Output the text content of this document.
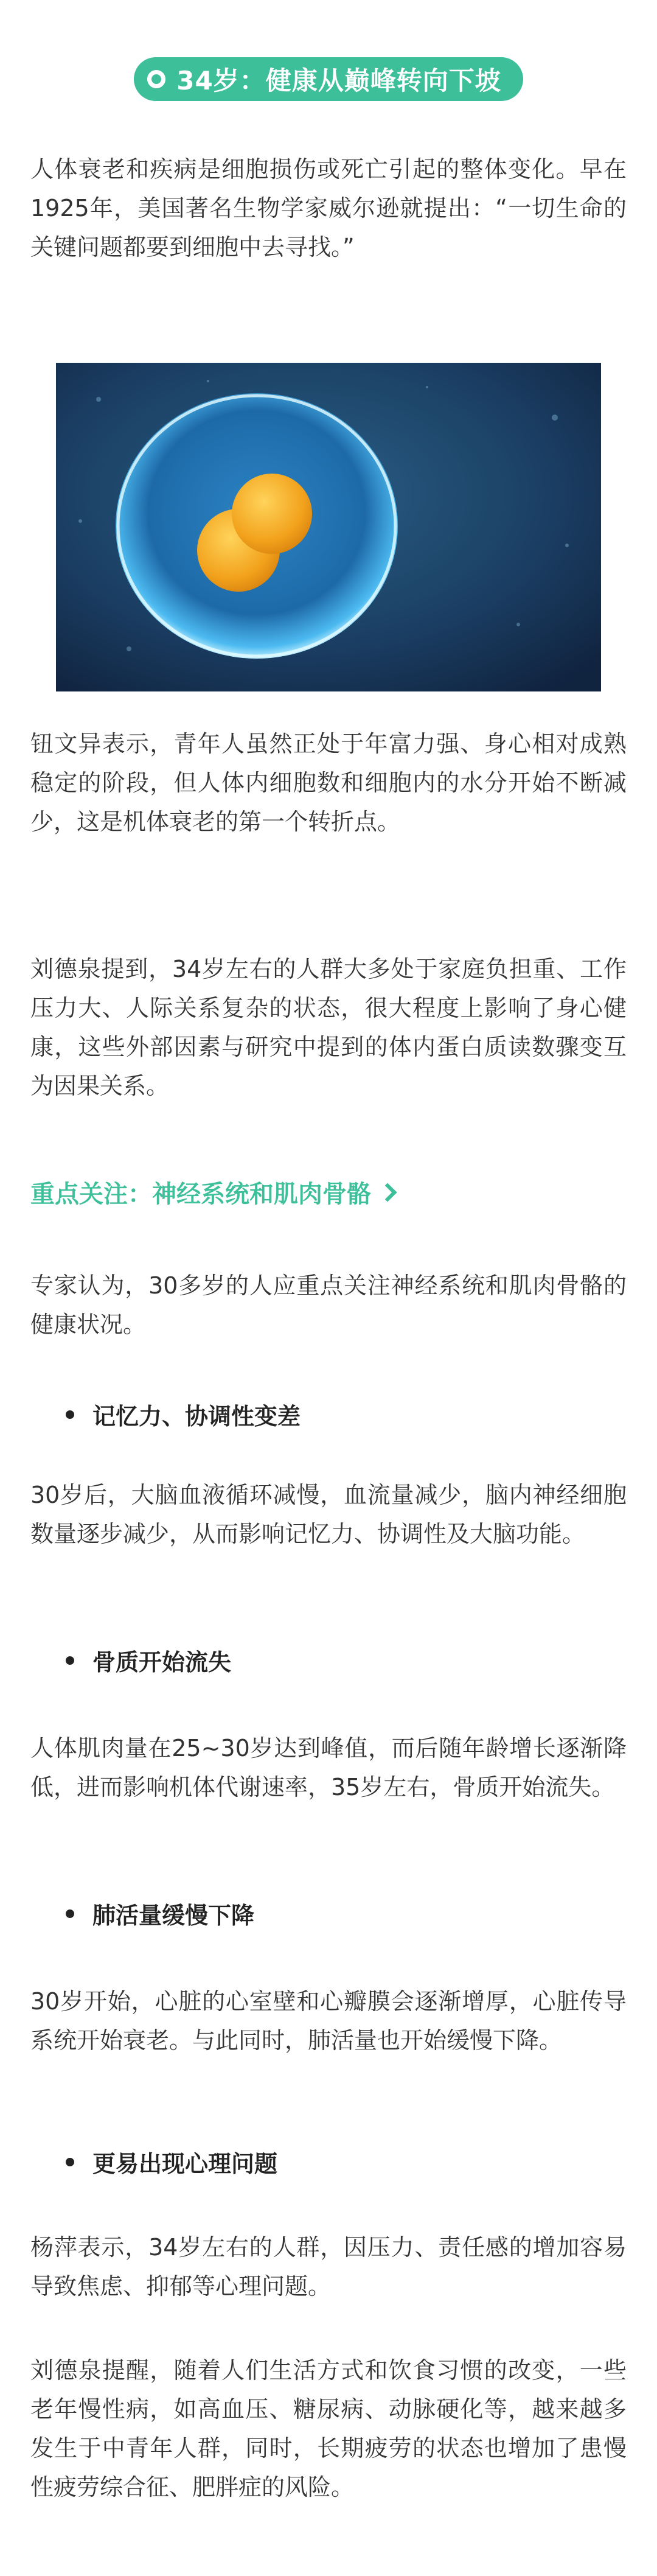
34岁：健康从巅峰转向下坡

人体衰老和疾病是细胞损伤或死亡引起的整体变化。早在1925年，美国著名生物学家威尔逊就提出：“一切生命的关键问题都要到细胞中去寻找。”

钮文异表示，青年人虽然正处于年富力强、身心相对成熟稳定的阶段，但人体内细胞数和细胞内的水分开始不断减少，这是机体衰老的第一个转折点。

刘德泉提到，34岁左右的人群大多处于家庭负担重、工作压力大、人际关系复杂的状态，很大程度上影响了身心健康，这些外部因素与研究中提到的体内蛋白质读数骤变互为因果关系。

重点关注：神经系统和肌肉骨骼

专家认为，30多岁的人应重点关注神经系统和肌肉骨骼的健康状况。

记忆力、协调性变差

30岁后，大脑血液循环减慢，血流量减少，脑内神经细胞数量逐步减少，从而影响记忆力、协调性及大脑功能。

骨质开始流失

人体肌肉量在25~30岁达到峰值，而后随年龄增长逐渐降低，进而影响机体代谢速率，35岁左右，骨质开始流失。

肺活量缓慢下降

30岁开始，心脏的心室壁和心瓣膜会逐渐增厚，心脏传导系统开始衰老。与此同时，肺活量也开始缓慢下降。

更易出现心理问题

杨萍表示，34岁左右的人群，因压力、责任感的增加容易导致焦虑、抑郁等心理问题。

刘德泉提醒，随着人们生活方式和饮食习惯的改变，一些老年慢性病，如高血压、糖尿病、动脉硬化等，越来越多发生于中青年人群，同时，长期疲劳的状态也增加了患慢性疲劳综合征、肥胖症的风险。
